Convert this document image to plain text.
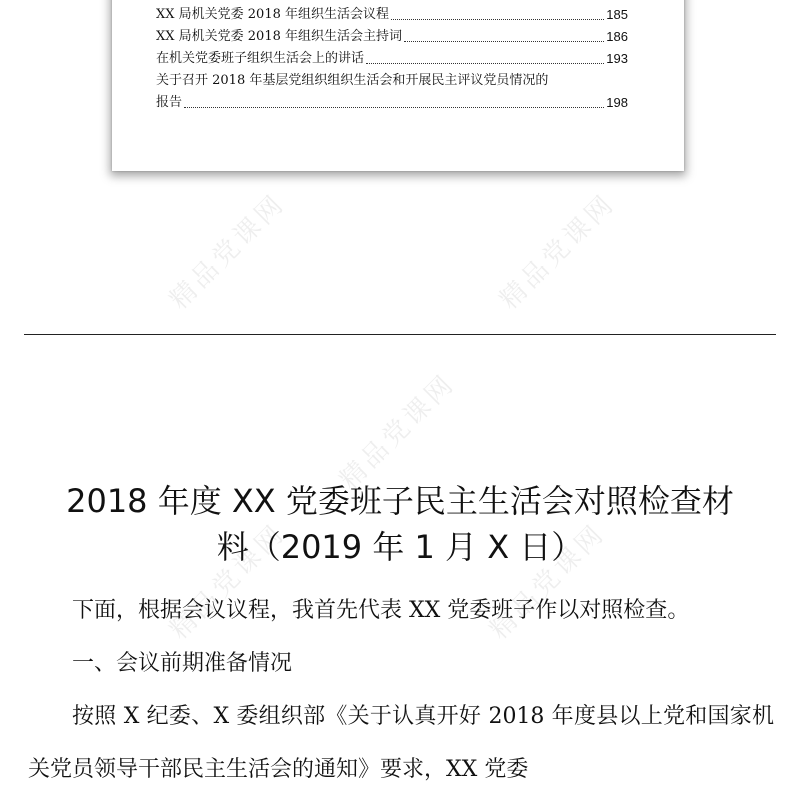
精品党课网	精品党课网
精品党课网
精品党课网	精品党课网
XX 局机关党委 2018 年组织生活会议程	185
XX 局机关党委 2018 年组织生活会主持词	186
在机关党委班子组织生活会上的讲话	193
关于召开 2018 年基层党组织组织生活会和开展民主评议党员情况的
报告	198
2018 年度 XX 党委班子民主生活会对照检查材
料（2019 年 1 月 X 日）

下面，根据会议议程，我首先代表 XX 党委班子作以对照检查。

一、会议前期准备情况

按照 X 纪委、X 委组织部《关于认真开好 2018 年度县以上党和国家机关党员领导干部民主生活会的通知》要求，XX 党委
